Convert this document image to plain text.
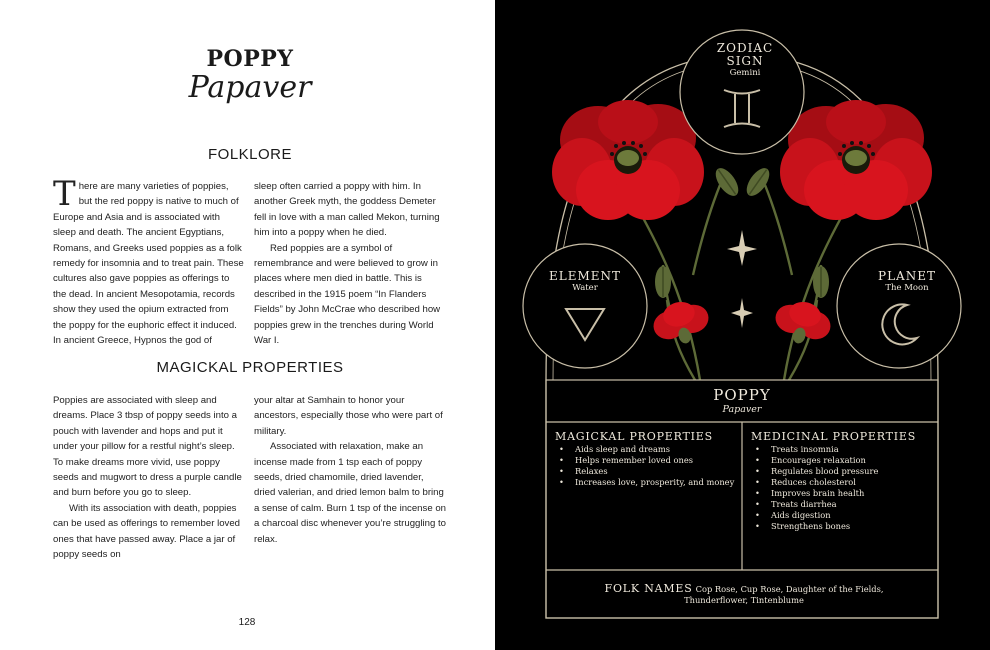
POPPY
Papaver
FOLKLORE

There are many varieties of poppies, but the red poppy is native to much of Europe and Asia and is associated with sleep and death. The ancient Egyptians, Romans, and Greeks used poppies as a folk remedy for insomnia and to treat pain. These cultures also gave poppies as offerings to the dead. In ancient Mesopotamia, records show they used the opium extracted from the poppy for the euphoric effect it induced. In ancient Greece, Hypnos the god of

sleep often carried a poppy with him. In another Greek myth, the goddess Demeter fell in love with a man called Mekon, turning him into a poppy when he died.

Red poppies are a symbol of remembrance and were believed to grow in places where men died in battle. This is described in the 1915 poem “In Flanders Fields” by John McCrae who described how poppies grew in the trenches during World War I.

MAGICKAL PROPERTIES

Poppies are associated with sleep and dreams. Place 3 tbsp of poppy seeds into a pouch with lavender and hops and put it under your pillow for a restful night’s sleep. To make dreams more vivid, use poppy seeds and mugwort to dress a purple candle and burn before you go to sleep.

With its association with death, poppies can be used as offerings to remember loved ones that have passed away. Place a jar of poppy seeds on

your altar at Samhain to honor your ancestors, especially those who were part of military.

Associated with relaxation, make an incense made from 1 tsp each of poppy seeds, dried chamomile, dried lavender, dried valerian, and dried lemon balm to bring a sense of calm. Burn 1 tsp of the incense on a charcoal disc whenever you’re struggling to relax.

128
ZODIAC
SIGN
Gemini
ELEMENT
Water
PLANET
The Moon
POPPY
Papaver
MAGICKAL PROPERTIES
• Aids sleep and dreams
• Helps remember loved ones
• Relaxes
• Increases love, prosperity, and money
MEDICINAL PROPERTIES
• Treats insomnia
• Encourages relaxation
• Regulates blood pressure
• Reduces cholesterol
• Improves brain health
• Treats diarrhea
• Aids digestion
• Strengthens bones
FOLK NAMES Cop Rose, Cup Rose, Daughter of the Fields,
Thunderflower, Tintenblume
